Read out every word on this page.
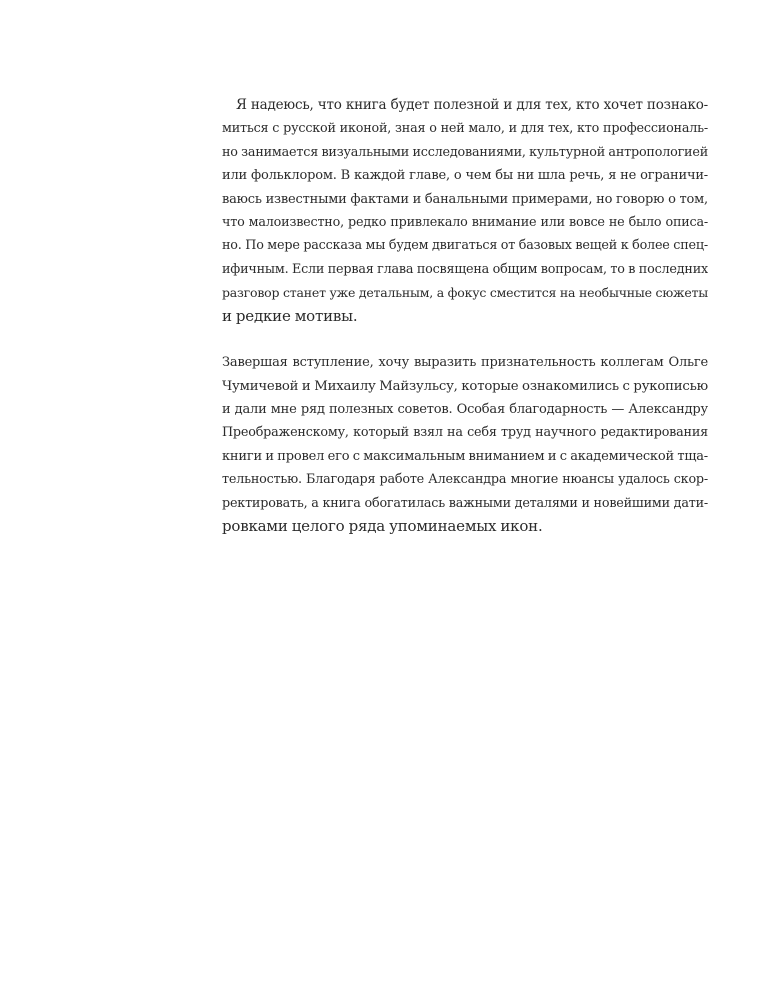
Я надеюсь, что книга будет полезной и для тех, кто хочет познако-
миться с русской иконой, зная о ней мало, и для тех, кто профессиональ-
но занимается визуальными исследованиями, культурной антропологией
или фольклором. В каждой главе, о чем бы ни шла речь, я не ограничи-
ваюсь известными фактами и банальными примерами, но говорю о том,
что малоизвестно, редко привлекало внимание или вовсе не было описа-
но. По мере рассказа мы будем двигаться от базовых вещей к более спец-
ифичным. Если первая глава посвящена общим вопросам, то в последних
разговор станет уже детальным, а фокус сместится на необычные сюжеты
и редкие мотивы.
Завершая вступление, хочу выразить признательность коллегам Ольге
Чумичевой и Михаилу Майзульсу, которые ознакомились с рукописью
и дали мне ряд полезных советов. Особая благодарность — Александру
Преображенскому, который взял на себя труд научного редактирования
книги и провел его с максимальным вниманием и с академической тща-
тельностью. Благодаря работе Александра многие нюансы удалось скор-
ректировать, а книга обогатилась важными деталями и новейшими дати-
ровками целого ряда упоминаемых икон.
